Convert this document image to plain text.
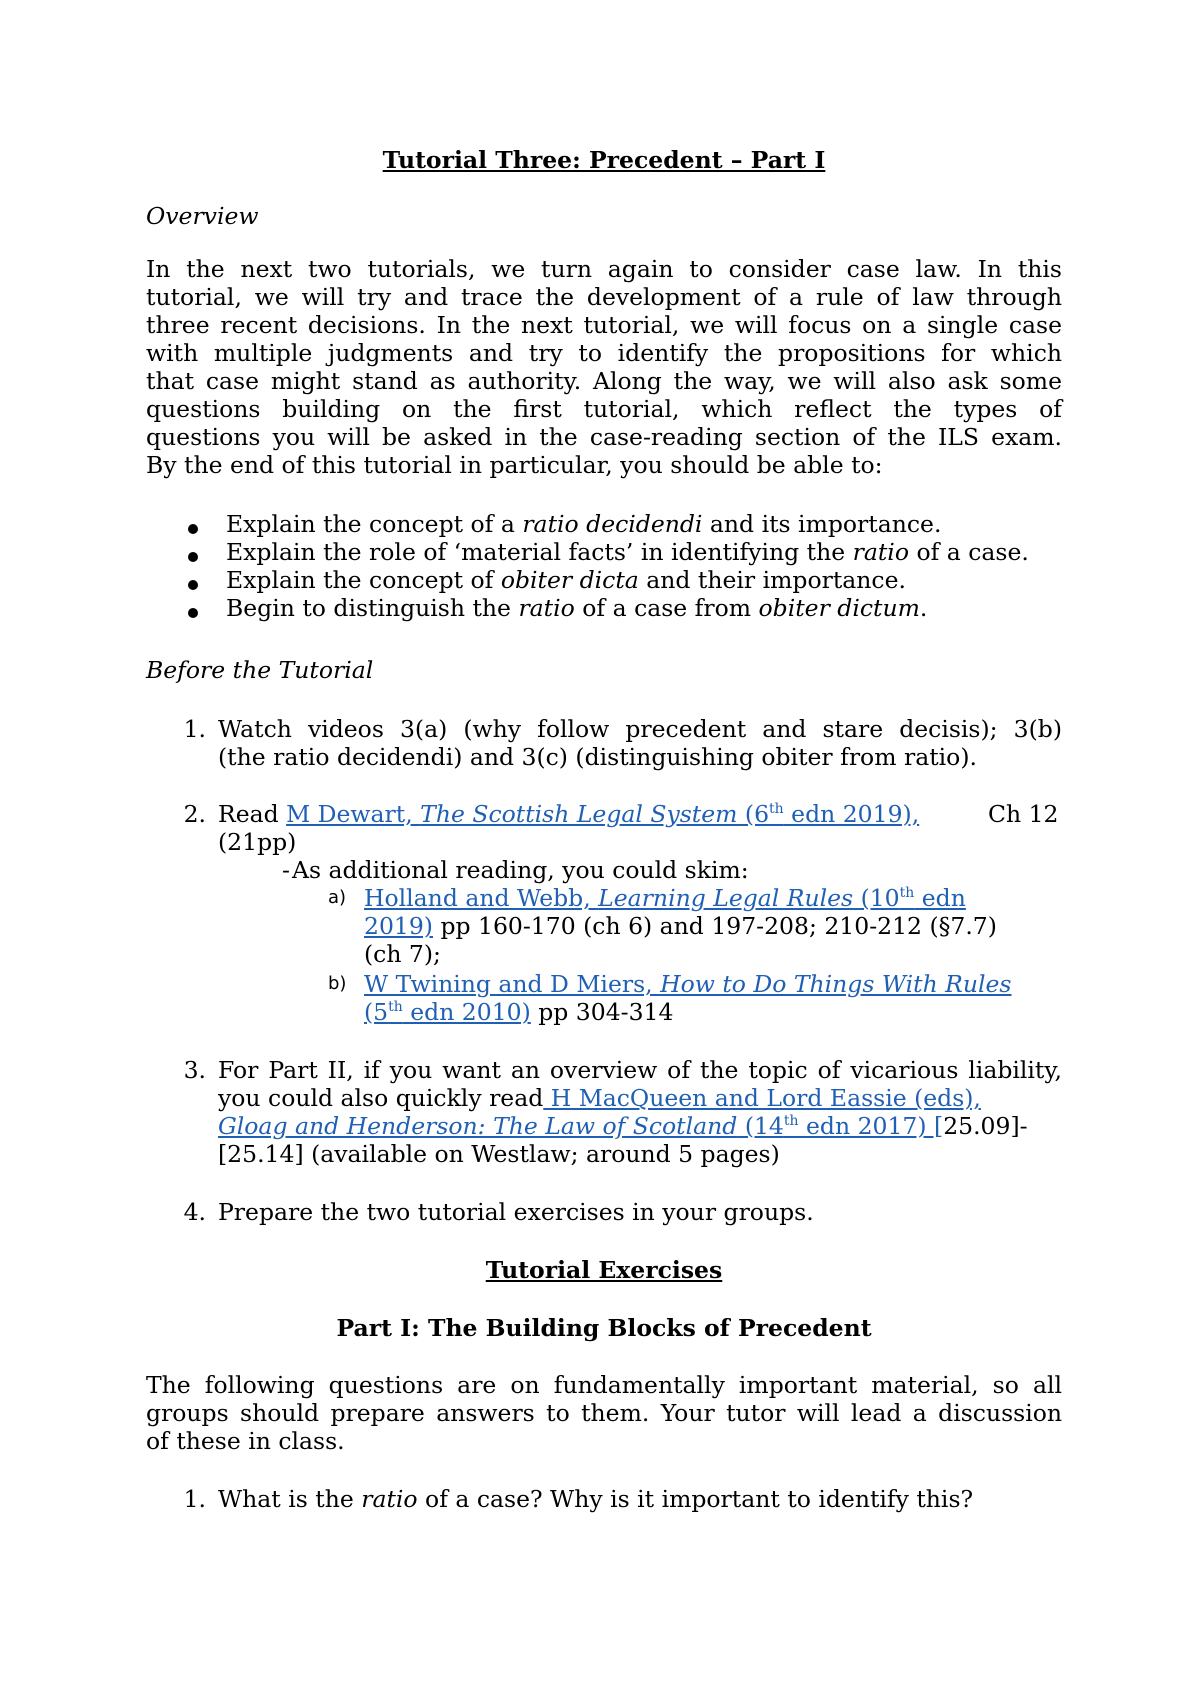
Tutorial Three: Precedent – Part I
Overview
In the next two tutorials, we turn again to consider case law. In this
tutorial, we will try and trace the development of a rule of law through
three recent decisions. In the next tutorial, we will focus on a single case
with multiple judgments and try to identify the propositions for which
that case might stand as authority. Along the way, we will also ask some
questions building on the first tutorial, which reflect the types of
questions you will be asked in the case-reading section of the ILS exam.
By the end of this tutorial in particular, you should be able to:
Explain the concept of a ratio decidendi and its importance.
Explain the role of ‘material facts’ in identifying the ratio of a case.
Explain the concept of obiter dicta and their importance.
Begin to distinguish the ratio of a case from obiter dictum.
Before the Tutorial
1. Watch videos 3(a) (why follow precedent and stare decisis); 3(b)
(the ratio decidendi) and 3(c) (distinguishing obiter from ratio).
2. Read M Dewart, The Scottish Legal System (6th edn 2019),	Ch 12
(21pp)
- As additional reading, you could skim:
a) Holland and Webb, Learning Legal Rules (10th edn
2019) pp 160-170 (ch 6) and 197-208; 210-212 (§7.7)
(ch 7);
b) W Twining and D Miers, How to Do Things With Rules
(5th edn 2010) pp 304-314
3. For Part II, if you want an overview of the topic of vicarious liability,
you could also quickly read H MacQueen and Lord Eassie (eds),
Gloag and Henderson: The Law of Scotland (14th edn 2017) [25.09]-
[25.14] (available on Westlaw; around 5 pages)
4. Prepare the two tutorial exercises in your groups.
Tutorial Exercises
Part I: The Building Blocks of Precedent
The following questions are on fundamentally important material, so all
groups should prepare answers to them. Your tutor will lead a discussion
of these in class.
1. What is the ratio of a case? Why is it important to identify this?
